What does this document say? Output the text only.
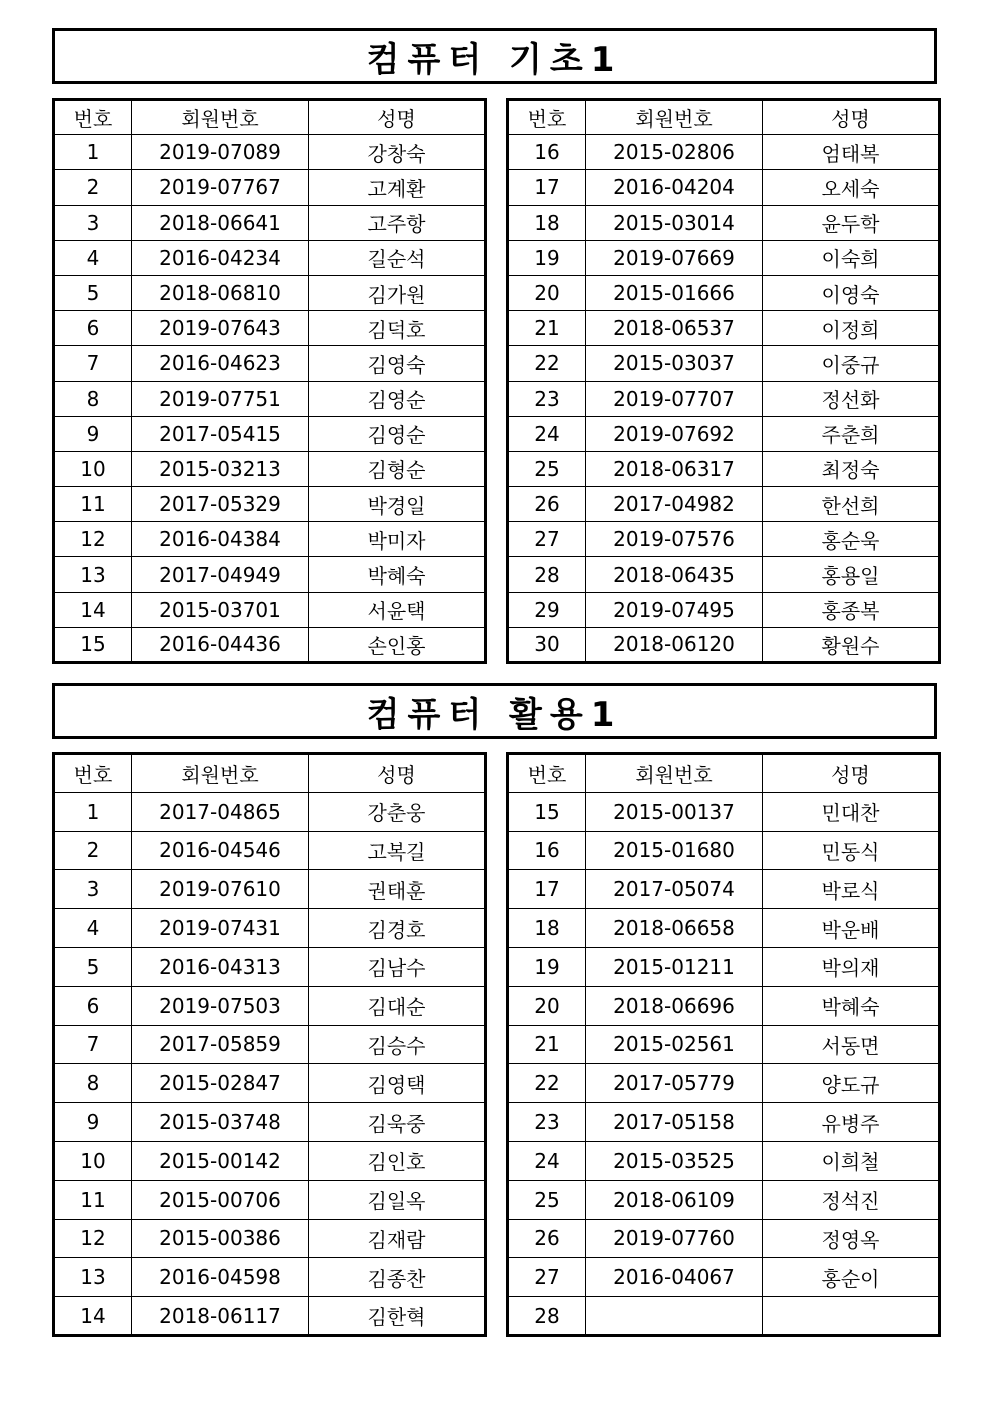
컴퓨터 기초1
번호	회원번호	성명
1	2019-07089	강창숙
2	2019-07767	고계환
3	2018-06641	고주항
4	2016-04234	길순석
5	2018-06810	김가원
6	2019-07643	김덕호
7	2016-04623	김영숙
8	2019-07751	김영순
9	2017-05415	김영순
10	2015-03213	김형순
11	2017-05329	박경일
12	2016-04384	박미자
13	2017-04949	박혜숙
14	2015-03701	서윤택
15	2016-04436	손인홍
번호	회원번호	성명
16	2015-02806	엄태복
17	2016-04204	오세숙
18	2015-03014	윤두학
19	2019-07669	이숙희
20	2015-01666	이영숙
21	2018-06537	이정희
22	2015-03037	이중규
23	2019-07707	정선화
24	2019-07692	주춘희
25	2018-06317	최정숙
26	2017-04982	한선희
27	2019-07576	홍순욱
28	2018-06435	홍용일
29	2019-07495	홍종복
30	2018-06120	황원수
컴퓨터 활용1
번호	회원번호	성명
1	2017-04865	강춘웅
2	2016-04546	고복길
3	2019-07610	권태훈
4	2019-07431	김경호
5	2016-04313	김남수
6	2019-07503	김대순
7	2017-05859	김승수
8	2015-02847	김영택
9	2015-03748	김욱중
10	2015-00142	김인호
11	2015-00706	김일옥
12	2015-00386	김재람
13	2016-04598	김종찬
14	2018-06117	김한혁
번호	회원번호	성명
15	2015-00137	민대찬
16	2015-01680	민동식
17	2017-05074	박로식
18	2018-06658	박운배
19	2015-01211	박의재
20	2018-06696	박혜숙
21	2015-02561	서동면
22	2017-05779	양도규
23	2017-05158	유병주
24	2015-03525	이희철
25	2018-06109	정석진
26	2019-07760	정영옥
27	2016-04067	홍순이
28		
